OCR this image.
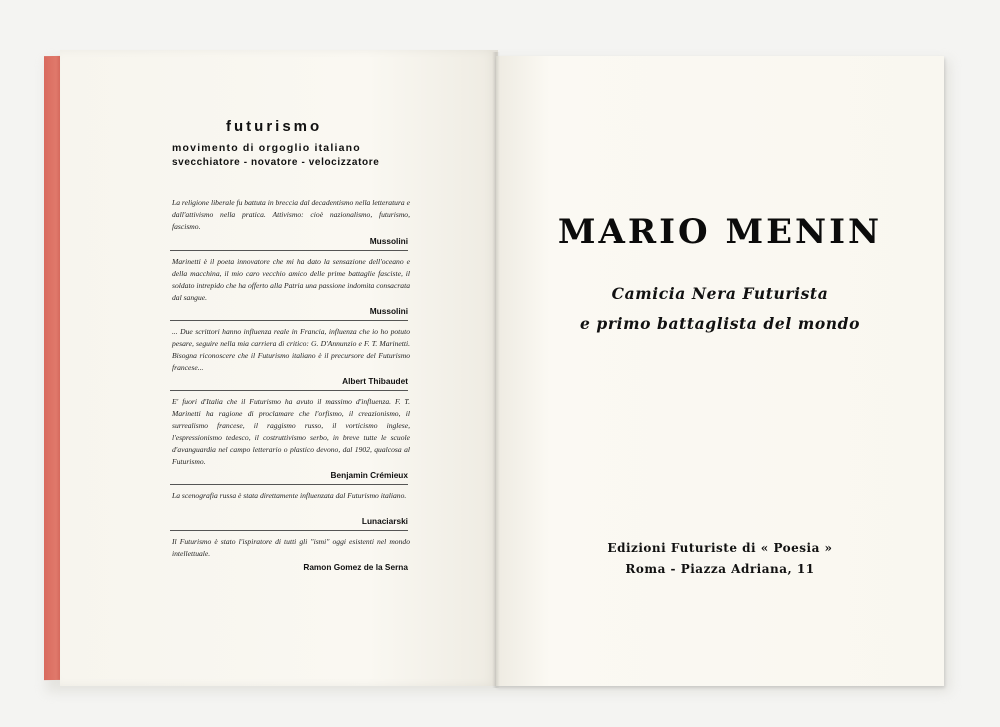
futurismo
movimento di orgoglio italiano
svecchiatore - novatore - velocizzatore
La religione liberale fu battuta in breccia dal decadentismo nella letteratura e dall'attivismo nella pratica. Attivismo: cioè nazionalismo, futurismo, fascismo.
Mussolini
Marinetti è il poeta innovatore che mi ha dato la sensazione dell'oceano e della macchina, il mio caro vecchio amico delle prime battaglie fasciste, il soldato intrepido che ha offerto alla Patria una passione indomita consacrata dal sangue.
Mussolini
... Due scrittori hanno influenza reale in Francia, influenza che io ho potuto pesare, seguire nella mia carriera di critico: G. D'Annunzio e F. T. Marinetti. Bisogna riconoscere che il Futurismo italiano è il precursore del Futurismo francese...
Albert Thibaudet
E' fuori d'Italia che il Futurismo ha avuto il massimo d'influenza. F. T. Marinetti ha ragione di proclamare che l'orfismo, il creazionismo, il surrealismo francese, il raggismo russo, il vorticismo inglese, l'espressionismo tedesco, il costruttivismo serbo, in breve tutte le scuole d'avanguardia nel campo letterario o plastico devono, dal 1902, qualcosa al Futurismo.
Benjamin Crémieux
La scenografia russa è stata direttamente influenzata dal Futurismo italiano.
Lunaciarski
Il Futurismo è stato l'ispiratore di tutti gli "ismi" oggi esistenti nel mondo intellettuale.
Ramon Gomez de la Serna
MARIO MENIN
Camicia Nera Futurista
e primo battaglista del mondo
Edizioni Futuriste di « Poesia »
Roma - Piazza Adriana, 11
